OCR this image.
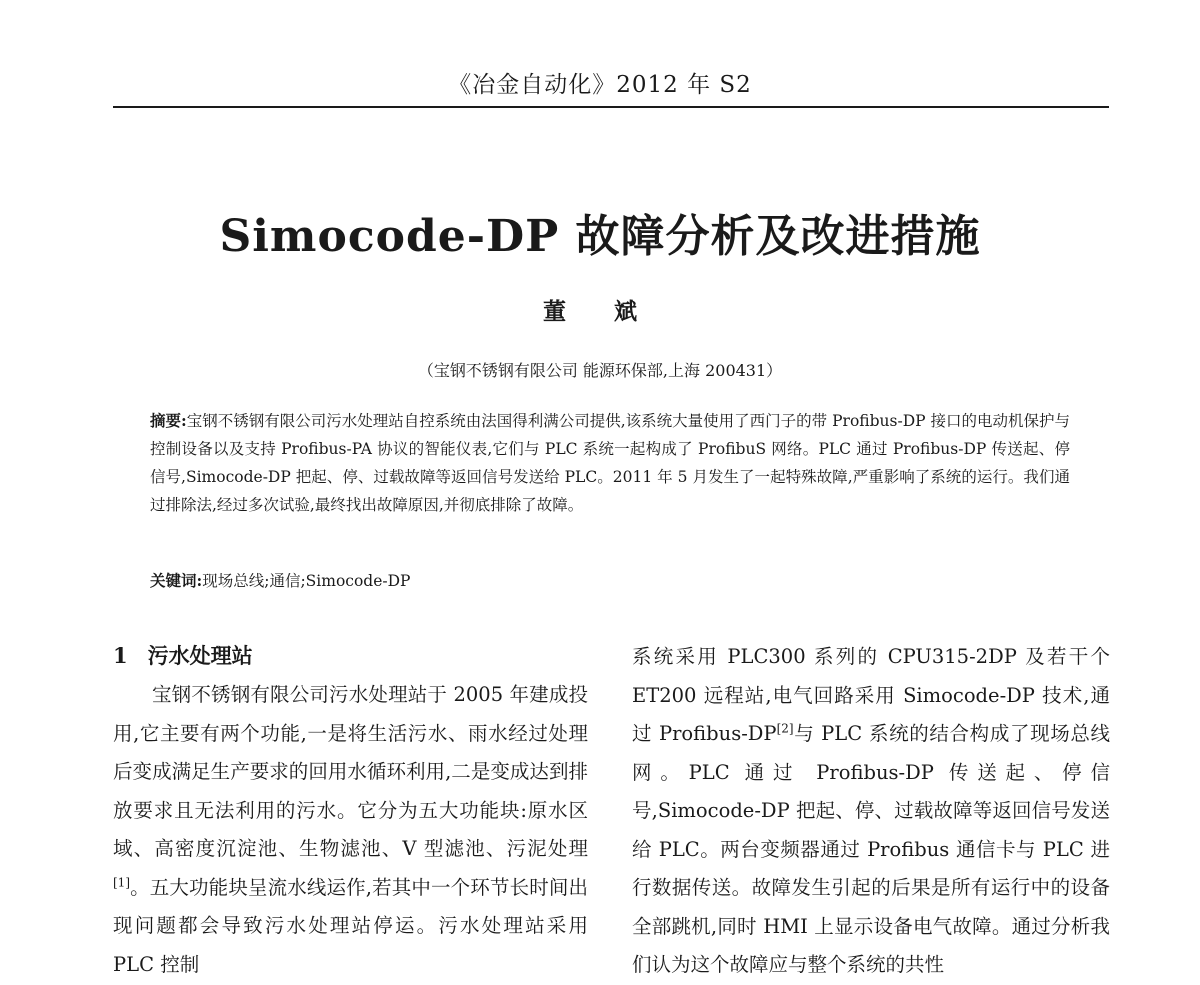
《冶金自动化》2012 年 S2
Simocode-DP 故障分析及改进措施
董 斌
（宝钢不锈钢有限公司 能源环保部,上海 200431）
摘要:宝钢不锈钢有限公司污水处理站自控系统由法国得利满公司提供,该系统大量使用了西门子的带 Profibus-DP 接口的电动机保护与控制设备以及支持 Profibus-PA 协议的智能仪表,它们与 PLC 系统一起构成了 ProfibuS 网络。PLC 通过 Profibus-DP 传送起、停信号,Simocode-DP 把起、停、过载故障等返回信号发送给 PLC。2011 年 5 月发生了一起特殊故障,严重影响了系统的运行。我们通过排除法,经过多次试验,最终找出故障原因,并彻底排除了故障。
关键词:现场总线;通信;Simocode-DP
1 污水处理站
宝钢不锈钢有限公司污水处理站于 2005 年建成投用,它主要有两个功能,一是将生活污水、雨水经过处理后变成满足生产要求的回用水循环利用,二是变成达到排放要求且无法利用的污水。它分为五大功能块:原水区域、高密度沉淀池、生物滤池、V 型滤池、污泥处理[1]。五大功能块呈流水线运作,若其中一个环节长时间出现问题都会导致污水处理站停运。污水处理站采用 PLC 控制
系统采用 PLC300 系列的 CPU315-2DP 及若干个 ET200 远程站,电气回路采用 Simocode-DP 技术,通过 Profibus-DP[2]与 PLC 系统的结合构成了现场总线网。PLC 通过 Profibus-DP 传送起、停信号,Simocode-DP 把起、停、过载故障等返回信号发送给 PLC。两台变频器通过 Profibus 通信卡与 PLC 进行数据传送。故障发生引起的后果是所有运行中的设备全部跳机,同时 HMI 上显示设备电气故障。通过分析我们认为这个故障应与整个系统的共性
